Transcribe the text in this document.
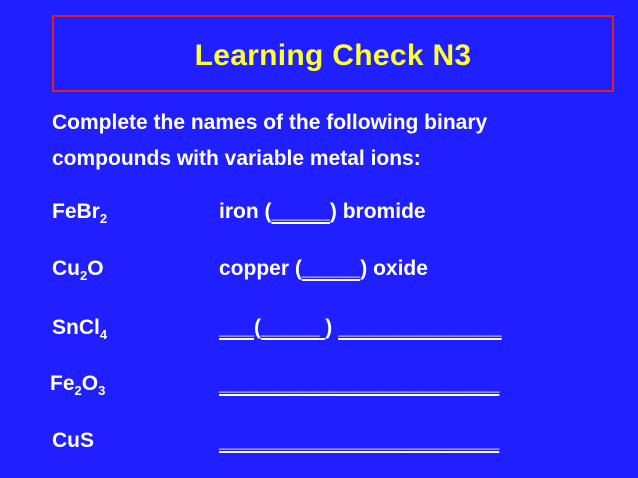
Learning Check N3
Complete the names of the following binary
compounds with variable metal ions:
FeBr$_2$	iron (_____) bromide
$Cu_2O$	copper (_____) oxide
SnCl$_4$	___(_____ ) ______________
$Fe_2O_3$	________________________
CuS	________________________
